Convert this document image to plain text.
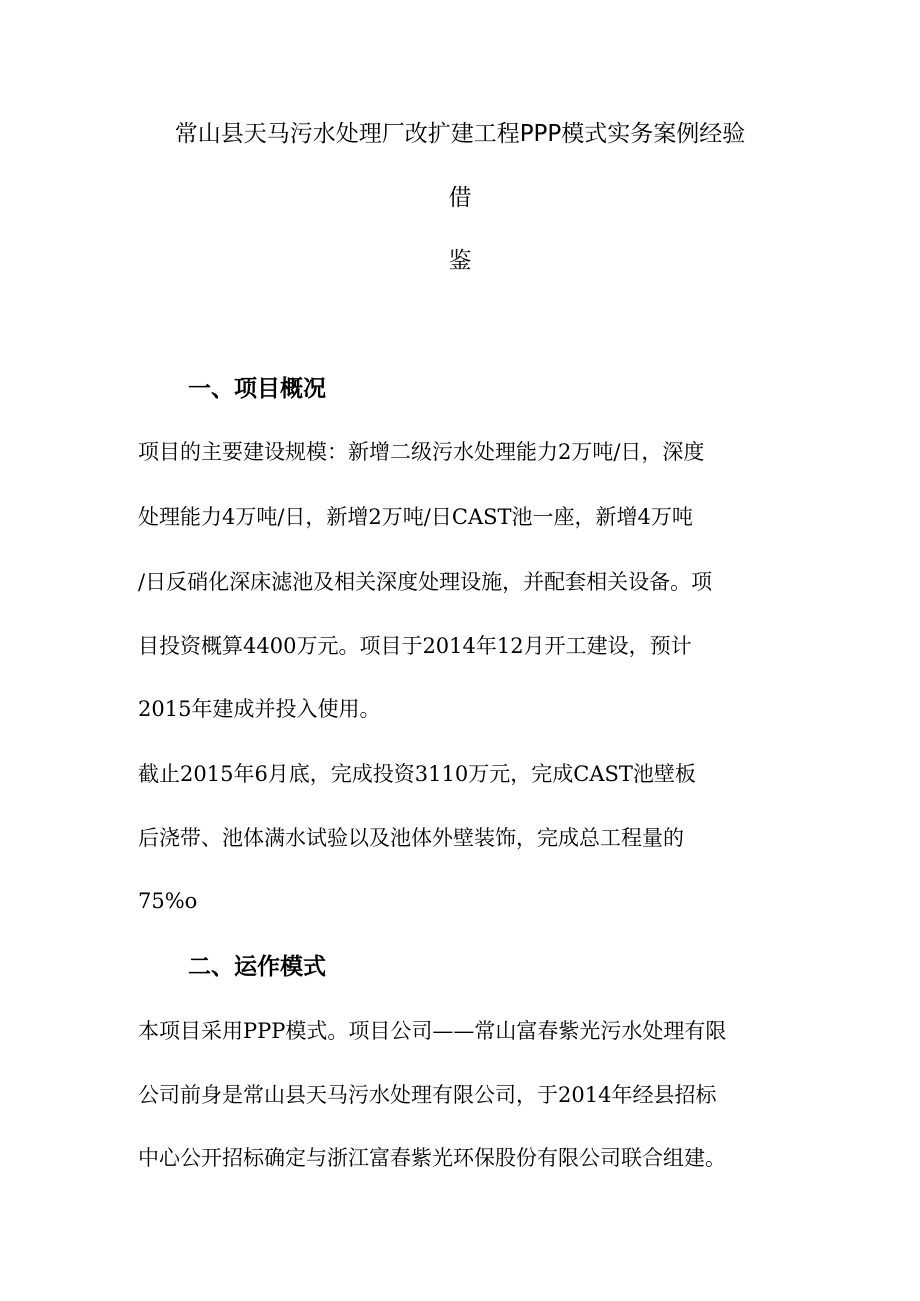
常山县天马污水处理厂改扩建工程PPP模式实务案例经验
借
鉴
一、项目概况
项目的主要建设规模：新增二级污水处理能力2万吨/日，深度
处理能力4万吨/日，新增2万吨/日CAST池一座，新增4万吨
/日反硝化深床滤池及相关深度处理设施，并配套相关设备。项
目投资概算4400万元。项目于2014年12月开工建设，预计
2015年建成并投入使用。
截止2015年6月底，完成投资3110万元，完成CAST池壁板
后浇带、池体满水试验以及池体外壁装饰，完成总工程量的
75%o
二、运作模式
本项目采用PPP模式。项目公司——常山富春紫光污水处理有限
公司前身是常山县天马污水处理有限公司，于2014年经县招标
中心公开招标确定与浙江富春紫光环保股份有限公司联合组建。
